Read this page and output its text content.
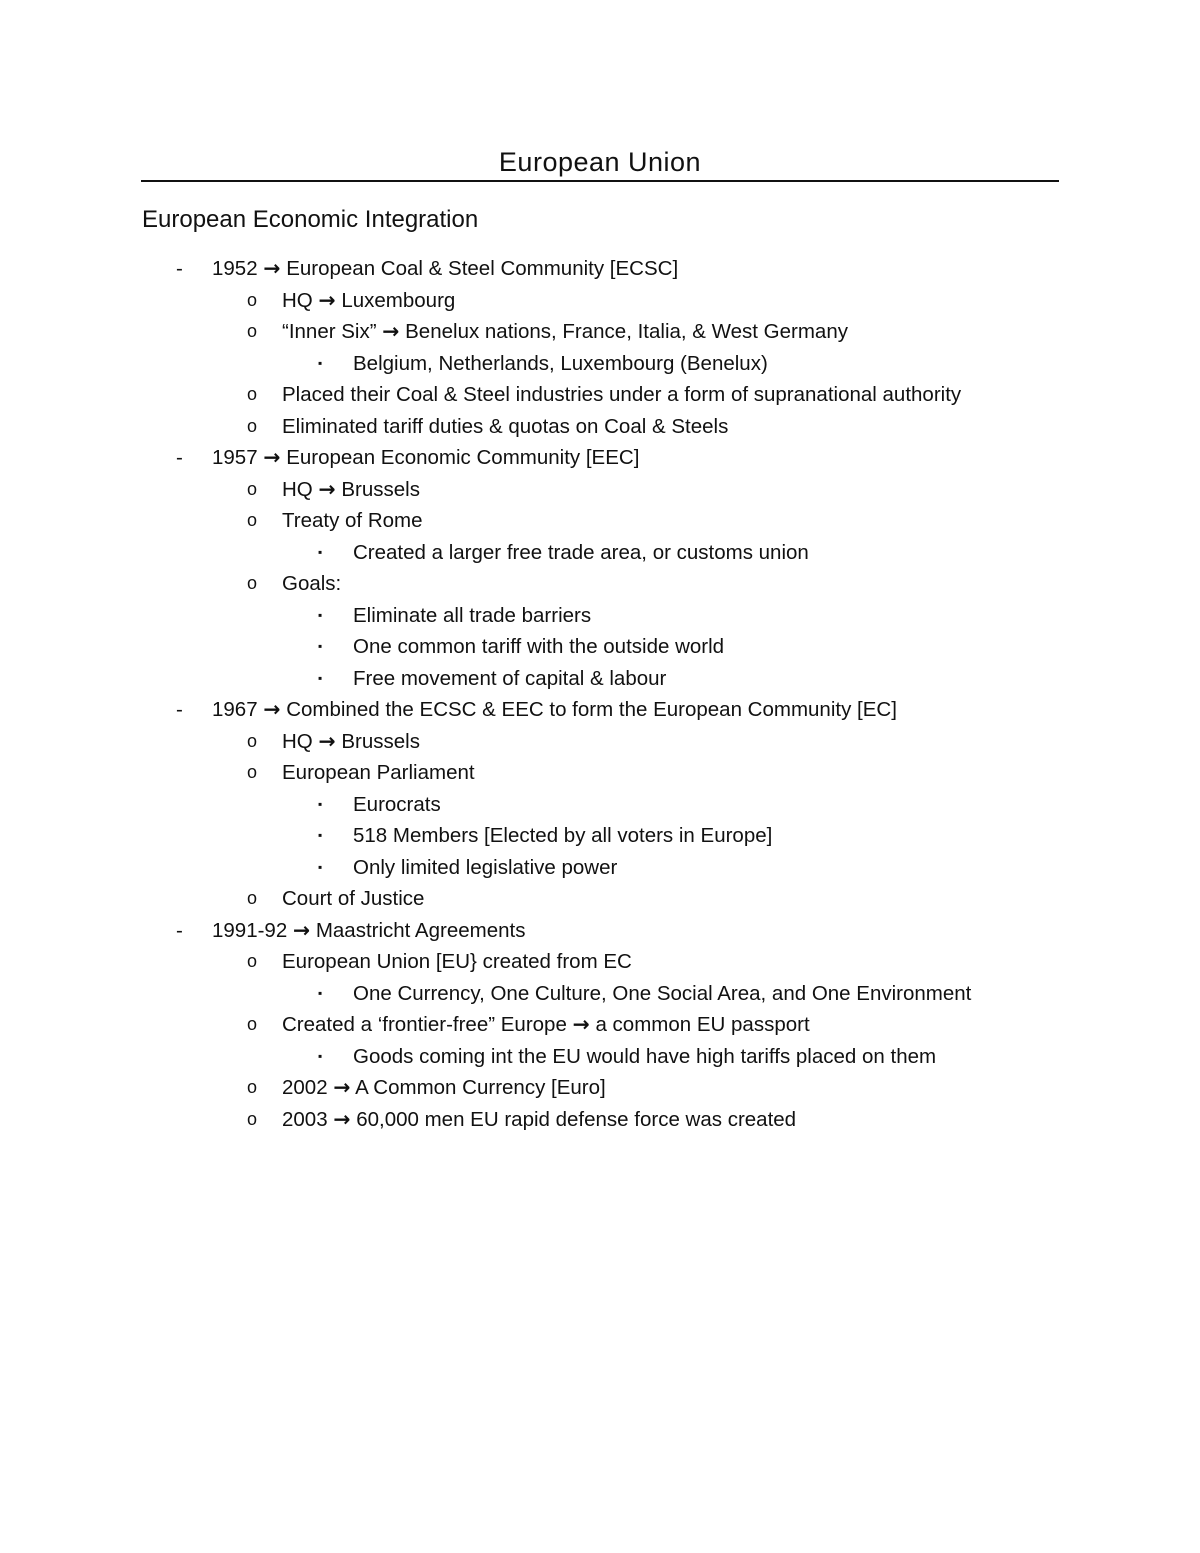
European Union
European Economic Integration
- 1952 → European Coal & Steel Community [ECSC]
o HQ → Luxembourg
o “Inner Six” → Benelux nations, France, Italia, & West Germany
▪ Belgium, Netherlands, Luxembourg (Benelux)
o Placed their Coal & Steel industries under a form of supranational authority
o Eliminated tariff duties & quotas on Coal & Steels
- 1957 → European Economic Community [EEC]
o HQ → Brussels
o Treaty of Rome
▪ Created a larger free trade area, or customs union
o Goals:
▪ Eliminate all trade barriers
▪ One common tariff with the outside world
▪ Free movement of capital & labour
- 1967 → Combined the ECSC & EEC to form the European Community [EC]
o HQ → Brussels
o European Parliament
▪ Eurocrats
▪ 518 Members [Elected by all voters in Europe]
▪ Only limited legislative power
o Court of Justice
- 1991-92 → Maastricht Agreements
o European Union [EU} created from EC
▪ One Currency, One Culture, One Social Area, and One Environment
o Created a ‘frontier-free” Europe → a common EU passport
▪ Goods coming int the EU would have high tariffs placed on them
o 2002 → A Common Currency [Euro]
o 2003 → 60,000 men EU rapid defense force was created
